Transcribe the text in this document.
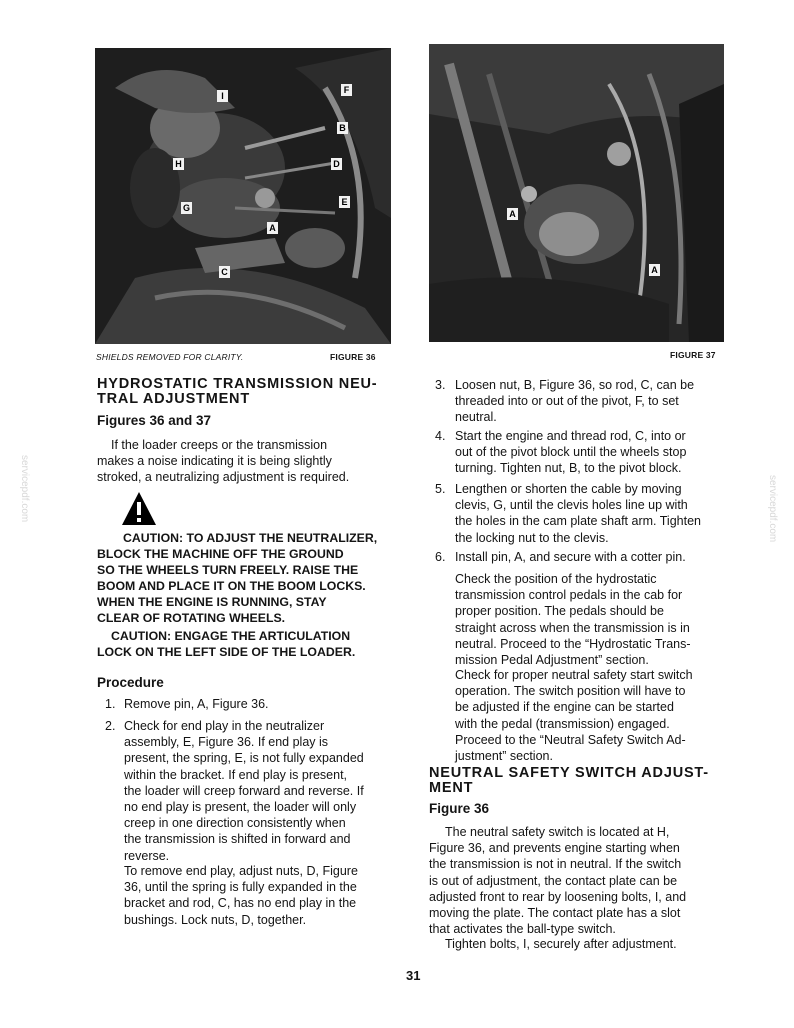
I
F
B
H	D
G
E
A
C
SHIELDS REMOVED FOR CLARITY.	FIGURE 36
A
A
FIGURE 37
HYDROSTATIC TRANSMISSION NEU-
TRAL ADJUSTMENT
Figures 36 and 37
If the loader creeps or the transmission
makes a noise indicating it is being slightly
stroked, a neutralizing adjustment is required.
CAUTION: TO ADJUST THE NEUTRALIZER,
BLOCK THE MACHINE OFF THE GROUND
SO THE WHEELS TURN FREELY. RAISE THE
BOOM AND PLACE IT ON THE BOOM LOCKS.
WHEN THE ENGINE IS RUNNING, STAY
CLEAR OF ROTATING WHEELS.
CAUTION: ENGAGE THE ARTICULATION
LOCK ON THE LEFT SIDE OF THE LOADER.
Procedure
1. Remove pin, A, Figure 36.
2. Check for end play in the neutralizer
assembly, E, Figure 36. If end play is
present, the spring, E, is not fully expanded
within the bracket. If end play is present,
the loader will creep forward and reverse. If
no end play is present, the loader will only
creep in one direction consistently when
the transmission is shifted in forward and
reverse.
To remove end play, adjust nuts, D, Figure
36, until the spring is fully expanded in the
bracket and rod, C, has no end play in the
bushings. Lock nuts, D, together.
3. Loosen nut, B, Figure 36, so rod, C, can be
threaded into or out of the pivot, F, to set
neutral.
4. Start the engine and thread rod, C, into or
out of the pivot block until the wheels stop
turning. Tighten nut, B, to the pivot block.
5. Lengthen or shorten the cable by moving
clevis, G, until the clevis holes line up with
the holes in the cam plate shaft arm. Tighten
the locking nut to the clevis.
6. Install pin, A, and secure with a cotter pin.
Check the position of the hydrostatic
transmission control pedals in the cab for
proper position. The pedals should be
straight across when the transmission is in
neutral. Proceed to the “Hydrostatic Trans-
mission Pedal Adjustment” section.
Check for proper neutral safety start switch
operation. The switch position will have to
be adjusted if the engine can be started
with the pedal (transmission) engaged.
Proceed to the “Neutral Safety Switch Ad-
justment” section.
NEUTRAL SAFETY SWITCH ADJUST-
MENT
Figure 36
The neutral safety switch is located at H,
Figure 36, and prevents engine starting when
the transmission is not in neutral. If the switch
is out of adjustment, the contact plate can be
adjusted front to rear by loosening bolts, I, and
moving the plate. The contact plate has a slot
that activates the ball-type switch.
Tighten bolts, I, securely after adjustment.
31
servicepdf.com	servicepdf.com
